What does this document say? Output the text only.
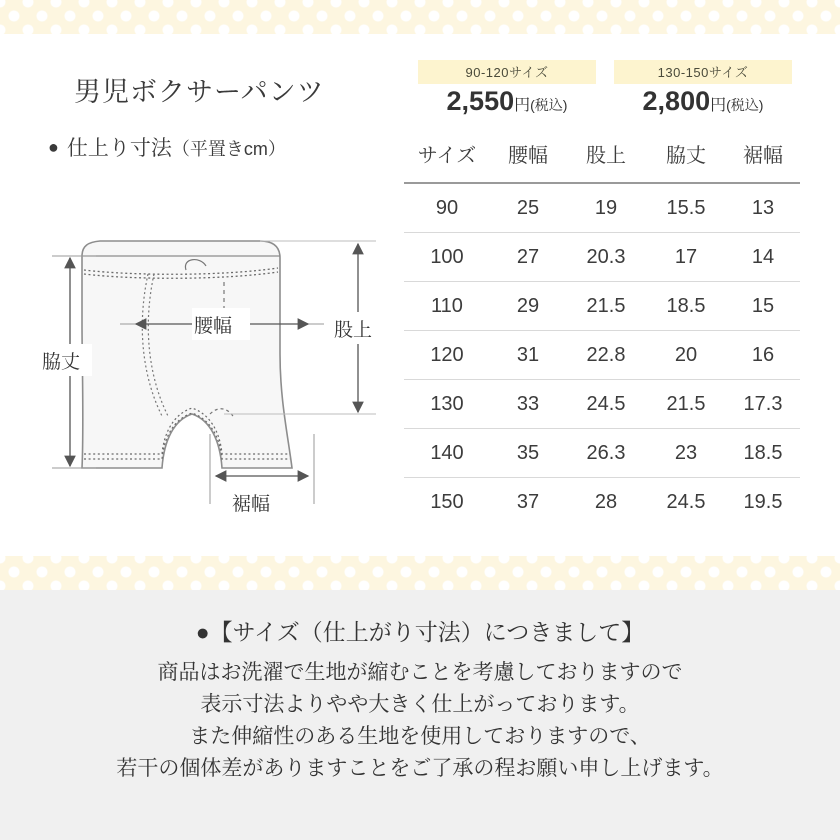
男児ボクサーパンツ
● 仕上り寸法（平置きcm）
90-120サイズ
2,550円(税込)
130-150サイズ
2,800円(税込)
サイズ	腰幅	股上	脇丈	裾幅
90	25	19	15.5	13
100	27	20.3	17	14
110	29	21.5	18.5	15
120	31	22.8	20	16
130	33	24.5	21.5	17.3
140	35	26.3	23	18.5
150	37	28	24.5	19.5
脇丈
腰幅	股上
裾幅
●【サイズ（仕上がり寸法）につきまして】
商品はお洗濯で生地が縮むことを考慮しておりますので
表示寸法よりやや大きく仕上がっております。
また伸縮性のある生地を使用しておりますので、
若干の個体差がありますことをご了承の程お願い申し上げます。
